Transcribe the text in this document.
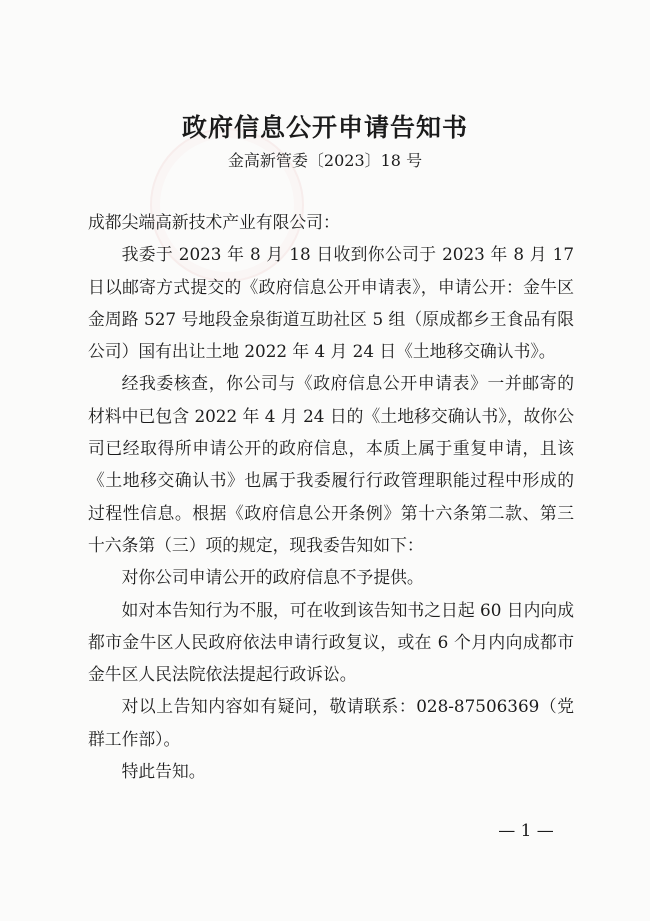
政府信息公开申请告知书
金高新管委〔2023〕18 号

成都尖端高新技术产业有限公司：

我委于 2023 年 8 月 18 日收到你公司于 2023 年 8 月 17 日以邮寄方式提交的《政府信息公开申请表》，申请公开：金牛区金周路 527 号地段金泉街道互助社区 5 组（原成都乡王食品有限公司）国有出让土地 2022 年 4 月 24 日《土地移交确认书》。

经我委核查，你公司与《政府信息公开申请表》一并邮寄的材料中已包含 2022 年 4 月 24 日的《土地移交确认书》，故你公司已经取得所申请公开的政府信息，本质上属于重复申请，且该《土地移交确认书》也属于我委履行行政管理职能过程中形成的过程性信息。根据《政府信息公开条例》第十六条第二款、第三十六条第（三）项的规定，现我委告知如下：

对你公司申请公开的政府信息不予提供。

如对本告知行为不服，可在收到该告知书之日起 60 日内向成都市金牛区人民政府依法申请行政复议，或在 6 个月内向成都市金牛区人民法院依法提起行政诉讼。

对以上告知内容如有疑问，敬请联系：028-87506369（党群工作部）。

特此告知。

— 1 —
